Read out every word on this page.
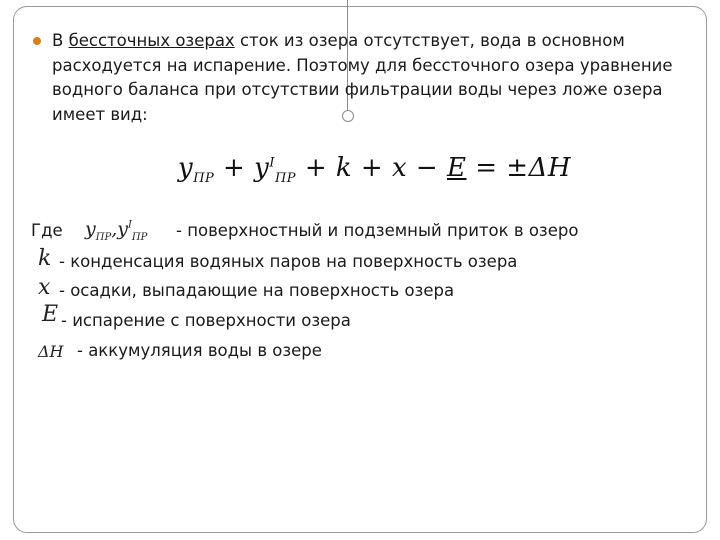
В бессточных озерах сток из озера отсутствует, вода в основном расходуется на испарение. Поэтому для бессточного озера уравнение водного баланса при отсутствии фильтрации воды через ложе озера имеет вид:
$y_{ПР} + y^I_{ПР} + k + x - E = \pm\Delta H$
Где $y_{ПР},y^I_{ПР}$ - поверхностный и подземный приток в озеро
k - конденсация водяных паров на поверхность озера
x - осадки, выпадающие на поверхность озера
E - испарение с поверхности озера
ΔH - аккумуляция воды в озере
